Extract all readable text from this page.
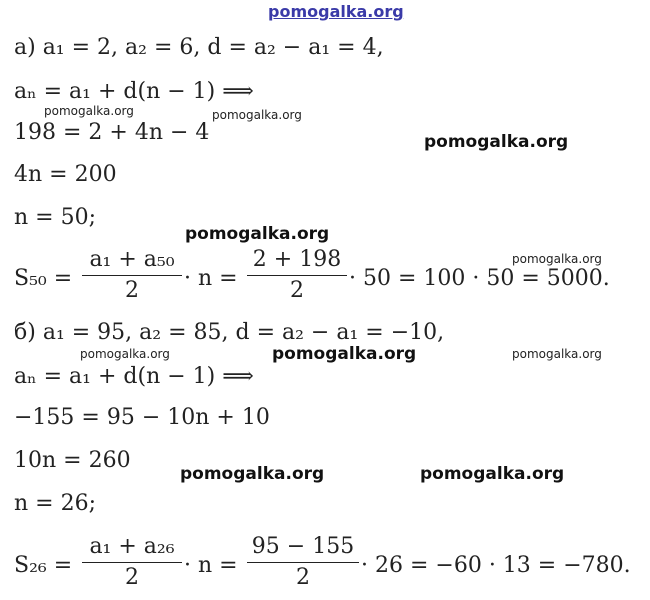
pomogalka.org
pomogalka.org	pomogalka.org
pomogalka.org
pomogalka.org
pomogalka.org
pomogalka.org	pomogalka.org	pomogalka.org
pomogalka.org	pomogalka.org
а) a₁ = 2, a₂ = 6, d = a₂ − a₁ = 4,
aₙ = a₁ + d(n − 1) ⟹
198 = 2 + 4n − 4
4n = 200
n = 50;
S₅₀ =
a₁ + a₅₀
2	· n =
2 + 198
2	· 50 = 100 · 50 = 5000.
б) a₁ = 95, a₂ = 85, d = a₂ − a₁ = −10,
aₙ = a₁ + d(n − 1) ⟹
−155 = 95 − 10n + 10
10n = 260
n = 26;
S₂₆ =
a₁ + a₂₆
2	· n =
95 − 155
2	· 26 = −60 · 13 = −780.
